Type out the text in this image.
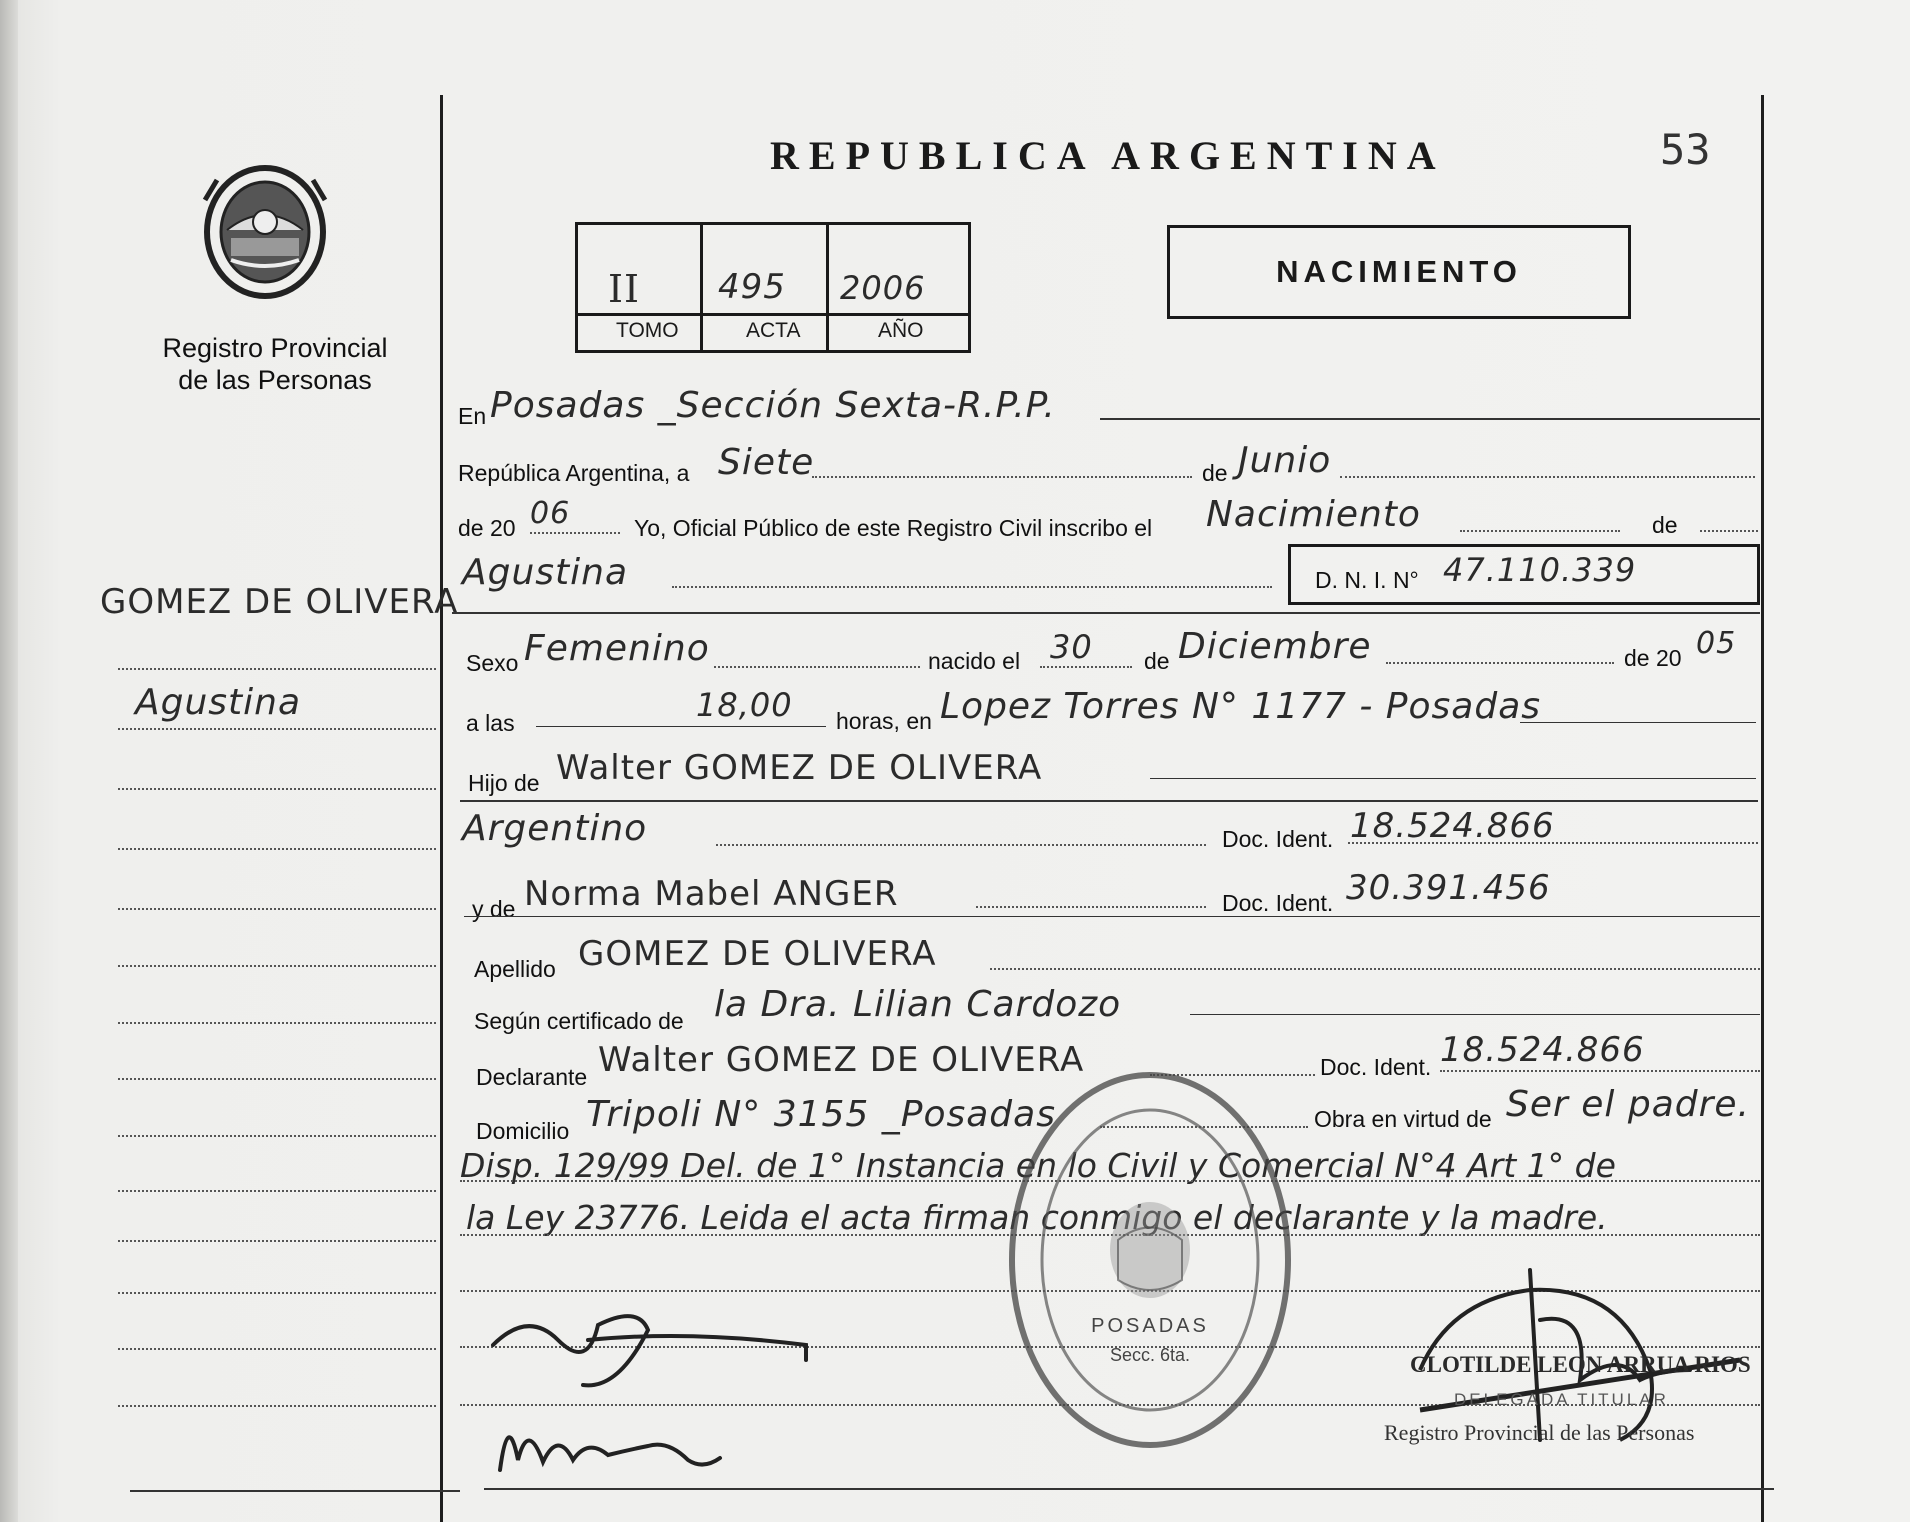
Registro Provincial
de las Personas
REPUBLICA ARGENTINA	53
II 495 2006
TOMO	ACTA	AÑO
NACIMIENTO
GOMEZ DE OLIVERA
Agustina
En Posadas _Sección Sexta-R.P.P.
República Argentina, a Siete	de Junio
de 20 06	Yo, Oficial Público de este Registro Civil inscribo el Nacimiento	de
Agustina	D. N. I. N° 47.110.339
Sexo Femenino	nacido el 30 de Diciembre	de 20 05
a las	18,00 horas, en Lopez Torres N° 1177 - Posadas
Hijo de Walter GOMEZ DE OLIVERA
Argentino	Doc. Ident. 18.524.866
y de Norma Mabel ANGER	Doc. Ident. 30.391.456
Apellido GOMEZ DE OLIVERA
Según certificado de la Dra. Lilian Cardozo
Declarante Walter GOMEZ DE OLIVERA	Doc. Ident. 18.524.866
Domicilio Tripoli N° 3155 _Posadas	Obra en virtud de Ser el padre.
Disp. 129/99 Del. de 1° Instancia en lo Civil y Comercial N°4 Art 1° de
la Ley 23776. Leida el acta firman conmigo el declarante y la madre.
POSADAS
Secc. 6ta.	CLOTILDE LEON ARRUA RIOS
DELEGADA TITULAR
Registro Provincial de las Personas
